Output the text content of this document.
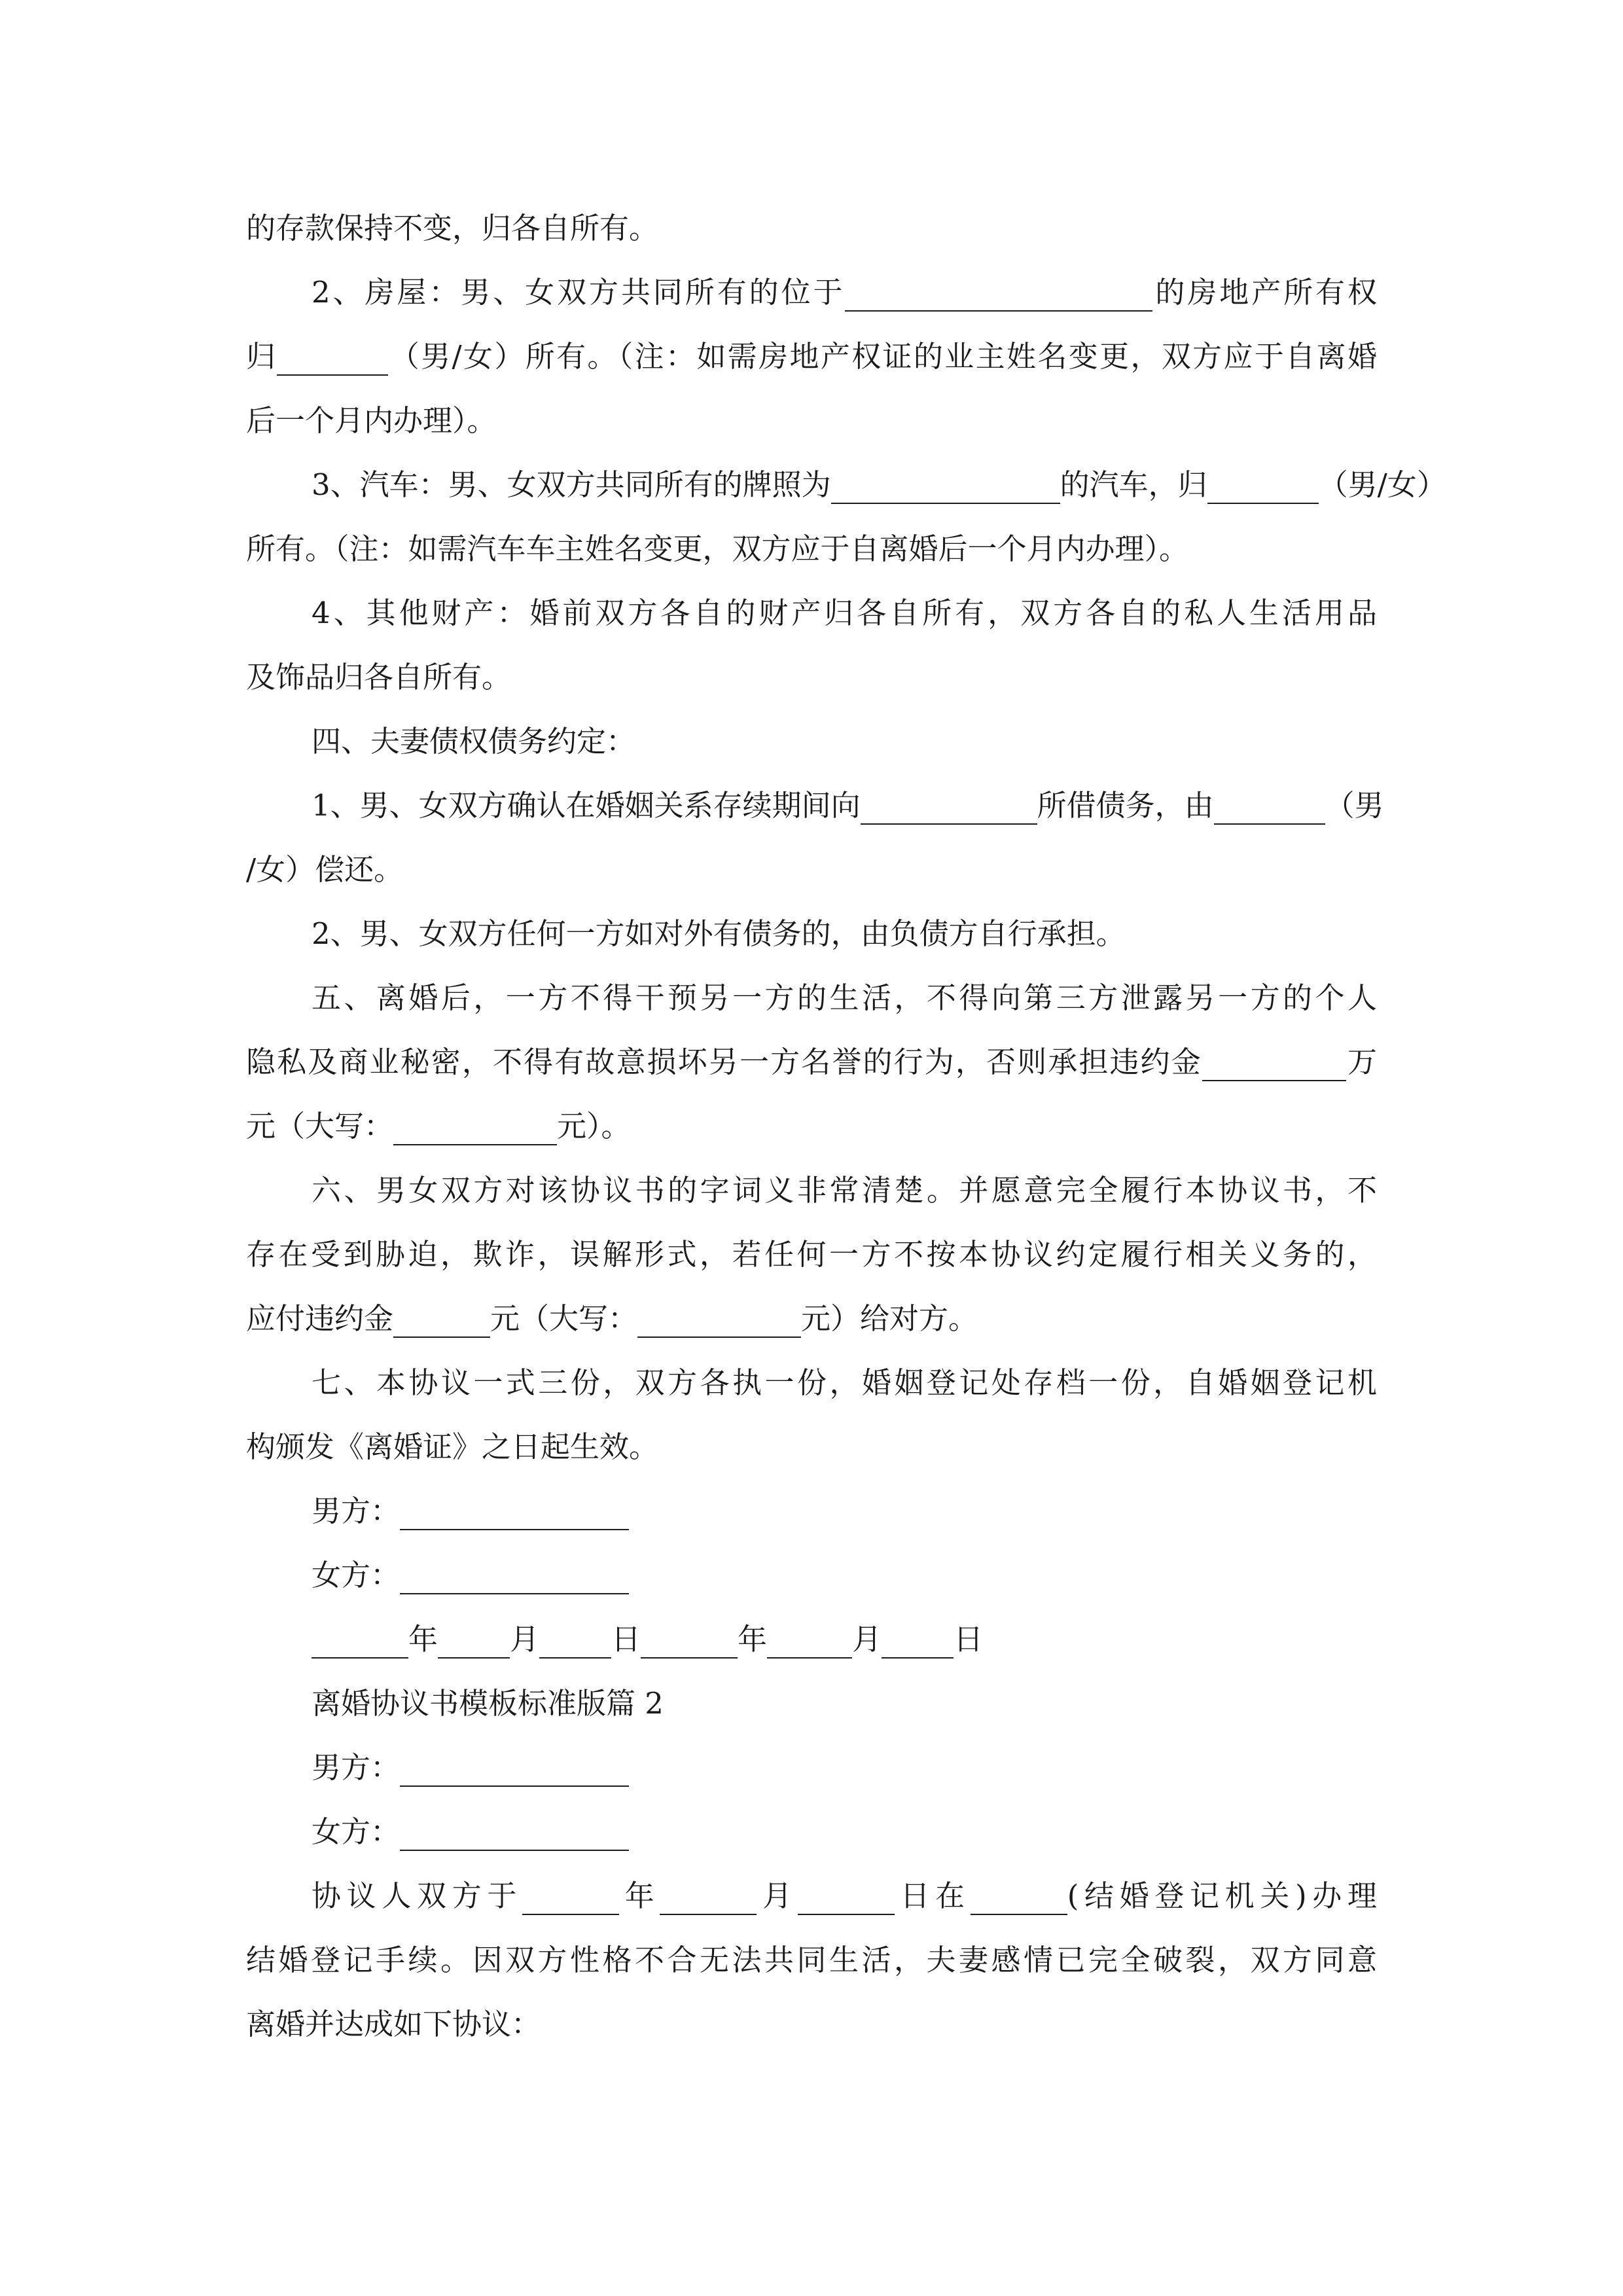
的存款保持不变，归各自所有。
2、房屋：男、女双方共同所有的位于	的房地产所有权
归	（男/女）所有。（注：如需房地产权证的业主姓名变更，双方应于自离婚
后一个月内办理）。
3、汽车：男、女双方共同所有的牌照为	的汽车，归	（男/女）
所有。（注：如需汽车车主姓名变更，双方应于自离婚后一个月内办理）。
4、其他财产：婚前双方各自的财产归各自所有，双方各自的私人生活用品
及饰品归各自所有。
四、夫妻债权债务约定：
1、男、女双方确认在婚姻关系存续期间向	所借债务，由	（男
/女）偿还。
2、男、女双方任何一方如对外有债务的，由负债方自行承担。
五、离婚后，一方不得干预另一方的生活，不得向第三方泄露另一方的个人
隐私及商业秘密，不得有故意损坏另一方名誉的行为，否则承担违约金	万
元（大写：	元）。
六、男女双方对该协议书的字词义非常清楚。并愿意完全履行本协议书，不
存在受到胁迫，欺诈，误解形式，若任何一方不按本协议约定履行相关义务的，
应付违约金	元（大写：	元）给对方。
七、本协议一式三份，双方各执一份，婚姻登记处存档一份，自婚姻登记机
构颁发《离婚证》之日起生效。
男方：
女方：
年 月 日	年	月 日
离婚协议书模板标准版篇 2
男方：
女方：
协议人双方于	年	月	日在	(结婚登记机关)办理
结婚登记手续。因双方性格不合无法共同生活，夫妻感情已完全破裂，双方同意
离婚并达成如下协议：
